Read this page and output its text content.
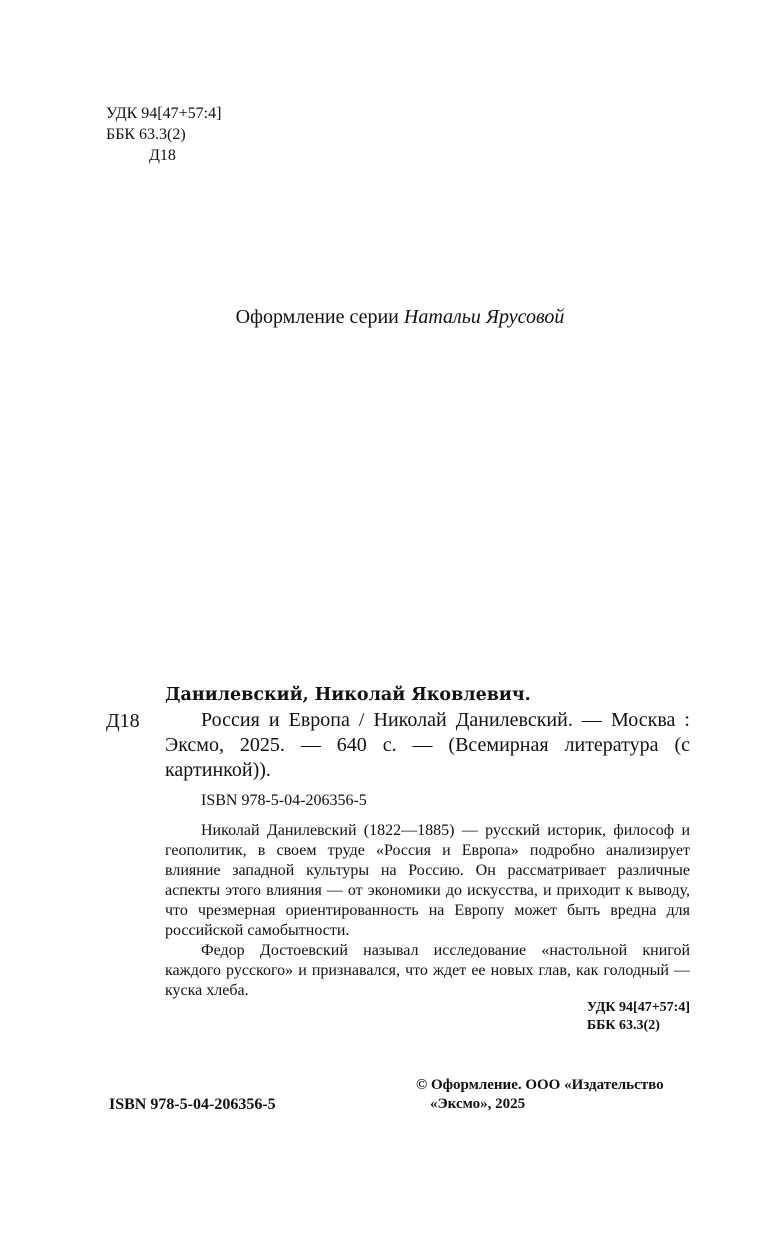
УДК 94[47+57:4]
ББК 63.3(2)
Д18
Оформление серии Натальи Ярусовой
Д18
Данилевский, Николай Яковлевич.
Россия и Европа / Николай Данилевский. — Москва : Эксмо, 2025. — 640 с. — (Всемирная литература (с картинкой)).
ISBN 978-5-04-206356-5

Николай Данилевский (1822—1885) — русский историк, философ и геополитик, в своем труде «Россия и Европа» подробно анализирует влияние западной культуры на Россию. Он рассматривает различные аспекты этого влияния — от экономики до искусства, и приходит к выводу, что чрезмерная ориентированность на Европу может быть вредна для российской самобытности.

Федор Достоевский называл исследование «настольной книгой каждого русского» и признавался, что ждет ее новых глав, как голодный — куска хлеба.

УДК 94[47+57:4]
ББК 63.3(2)
ISBN 978-5-04-206356-5
© Оформление. ООО «Издательство
«Эксмо», 2025
